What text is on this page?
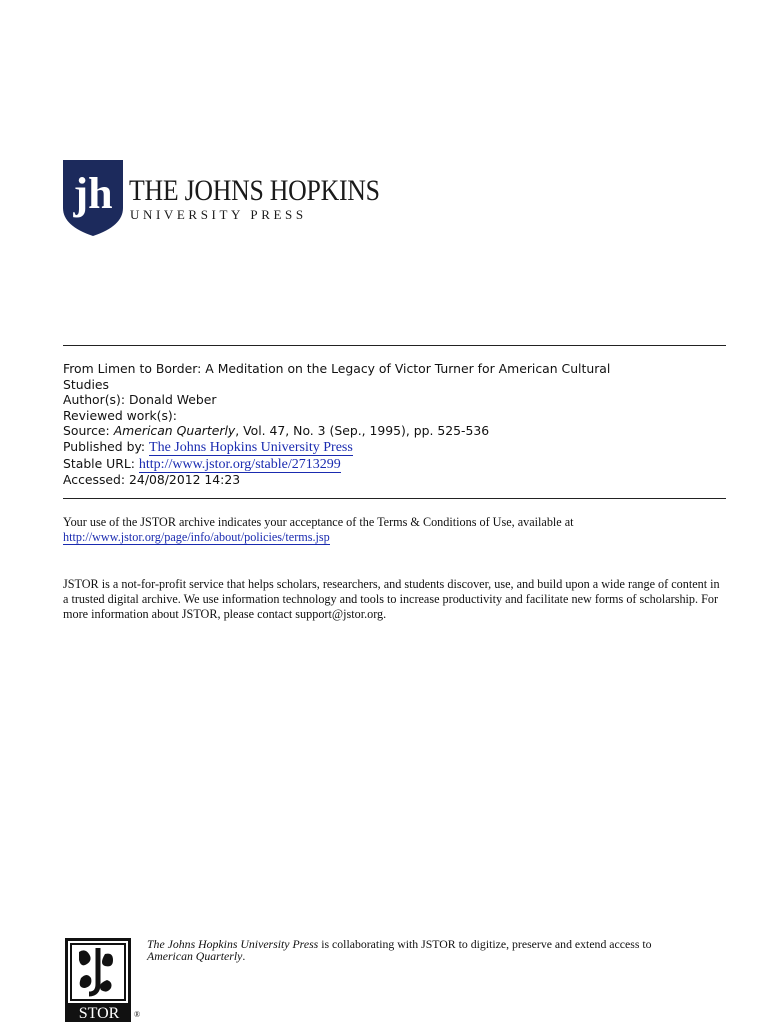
jh THE JOHNS HOPKINS
UNIVERSITY PRESS
From Limen to Border: A Meditation on the Legacy of Victor Turner for American Cultural
Studies
Author(s): Donald Weber
Reviewed work(s):
Source: American Quarterly, Vol. 47, No. 3 (Sep., 1995), pp. 525-536
Published by: The Johns Hopkins University Press
Stable URL: http://www.jstor.org/stable/2713299
Accessed: 24/08/2012 14:23
Your use of the JSTOR archive indicates your acceptance of the Terms & Conditions of Use, available at
http://www.jstor.org/page/info/about/policies/terms.jsp
JSTOR is a not-for-profit service that helps scholars, researchers, and students discover, use, and build upon a wide range of content in a trusted digital archive. We use information technology and tools to increase productivity and facilitate new forms of scholarship. For more information about JSTOR, please contact support@jstor.org.
STOR ®
The Johns Hopkins University Press is collaborating with JSTOR to digitize, preserve and extend access to
American Quarterly.
